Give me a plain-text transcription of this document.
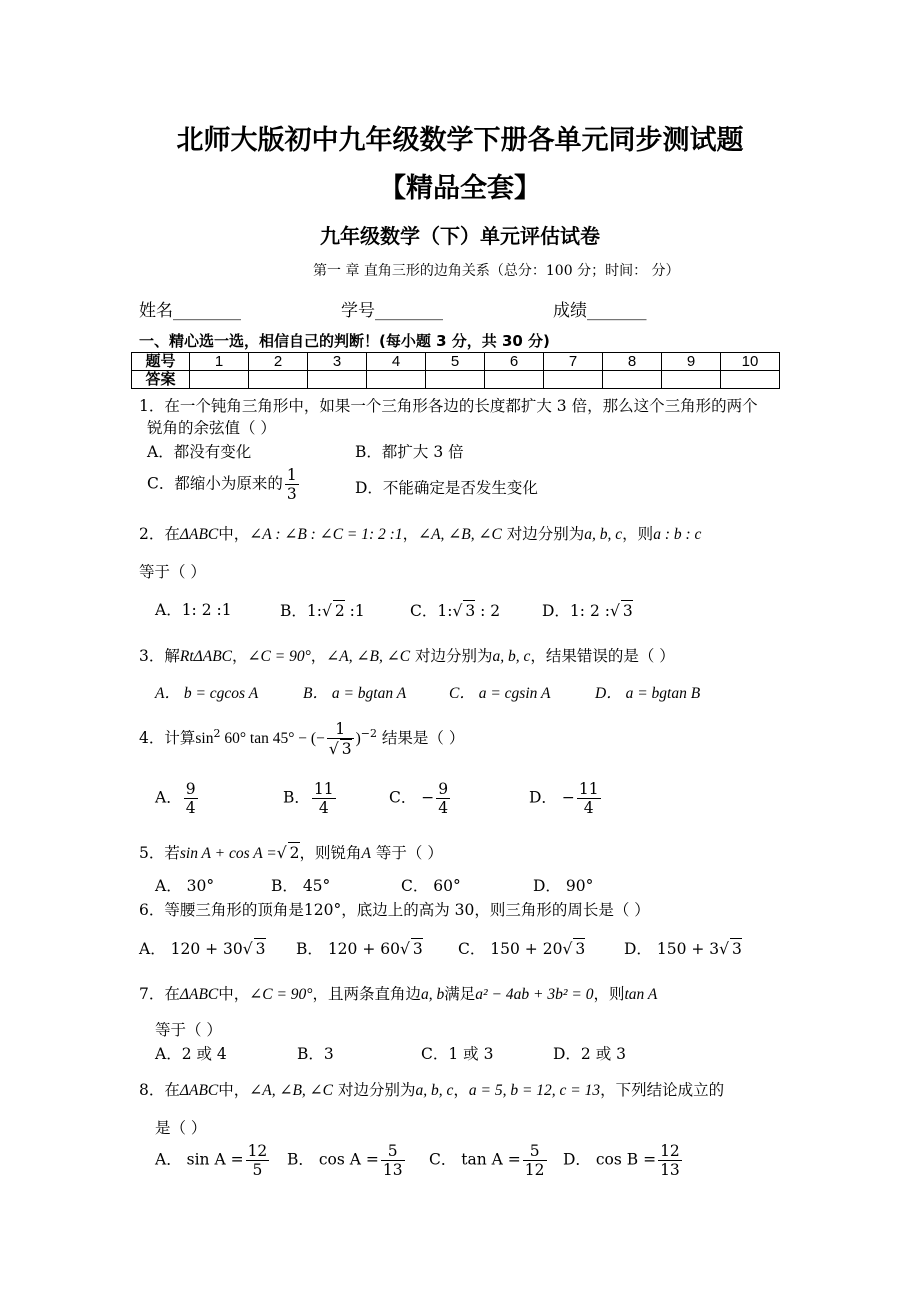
北师大版初中九年级数学下册各单元同步测试题
【精品全套】
九年级数学（下）单元评估试卷
第一 章 直角三形的边角关系（总分：100 分；时间： 分）
姓名________	学号________	成绩_______
一、精心选一选，相信自己的判断！(每小题 3 分，共 30 分)
题号	1	2	3	4	5	6	7	8	9	10
答案										
1．在一个钝角三角形中，如果一个三角形各边的长度都扩大 3 倍，那么这个三角形的两个
锐角的余弦值（ ）
A．都没有变化	B．都扩大 3 倍
C．都缩小为原来的 $\frac{1}{3}$	D．不能确定是否发生变化
2．在ΔABC中，∠A : ∠B : ∠C = 1: 2 :1，∠A, ∠B, ∠C 对边分别为a, b, c，则a : b : c
等于（ ）
A．1: 2 :1	B．1:√ 2 :1	C．1:√ 3 : 2	D．1: 2 :√ 3
3．解RtΔABC，∠C = 90°，∠A, ∠B, ∠C 对边分别为a, b, c，结果错误的是（ ）
A． b = cgcos A	B． a = bgtan A	C． a = cgsin A	D． a = bgtan B
4．计算$\sin^2 60^\circ$ tan 45° − (− $\frac{1}{√ 3} )^{-2}$ 结果是（ ）
A． $\frac{9}{4}$	B． $\frac{11}{4}$	C． − $\frac{9}{4}$	D． − $\frac{11}{4}$
5．若sin A + cos A =√ 2，则锐角A 等于（ ）
A． 30°	B． 45°	C． 60°	D． 90°
6．等腰三角形的顶角是120°，底边上的高为 30，则三角形的周长是（ ）
A． 120 + 30√ 3 B． 120 + 60√ 3 C． 150 + 20√ 3	D． 150 + 3√ 3
7．在ΔABC中，∠C = 90°，且两条直角边a, b满足a² − 4ab + 3b² = 0，则tan A
等于（ ）
A．2 或 4	B．3	C．1 或 3	D．2 或 3
8．在ΔABC中，∠A, ∠B, ∠C 对边分别为a, b, c，a = 5, b = 12, c = 13，下列结论成立的
是（ ）
A． $\sin A = \frac{12}{5}$ B． $\cos A = \frac{5}{13}$ C． $\tan A = \frac{5}{12}$ D． $\cos B = \frac{12}{13}$
